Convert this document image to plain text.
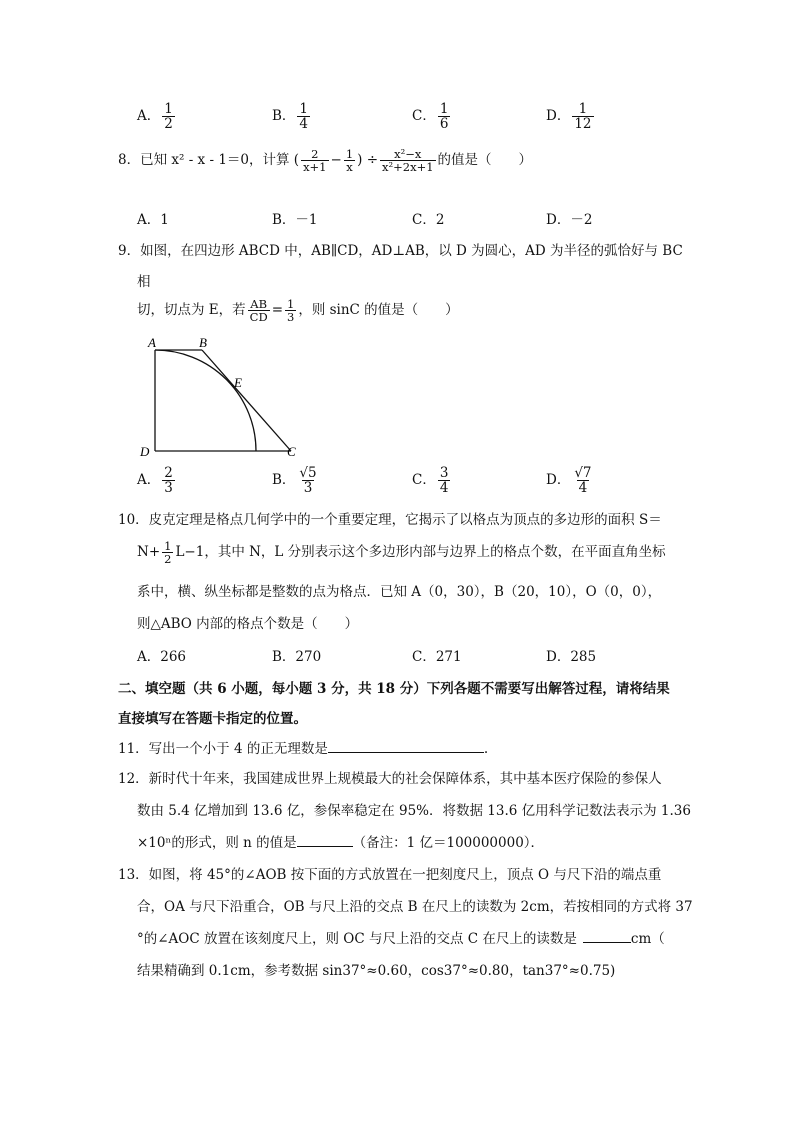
A． $\frac{1}{2}$	B． $\frac{1}{4}$	C． $\frac{1}{6}$	D． $\frac{1}{12}$
8．已知 x² - x - 1＝0，计算 ( $\frac{2}{x+1} - \frac{1}{x}$ ) ÷ $\frac{\text{x²−x}}{\text{x²+2x+1}}$ 的值是（　　）
A．1	B．－1	C．2	D．－2
9．如图，在四边形 ABCD 中，AB∥CD，AD⊥AB，以 D 为圆心，AD 为半径的弧恰好与 BC
相
切，切点为 E，若 $\frac{AB}{CD} = \frac{1}{3}$ ，则 sinC 的值是（　　）
A	B
E
D	C
A． $\frac{2}{3}$	B． $\frac{√5}{3}$	C． $\frac{3}{4}$	D． $\frac{√7}{4}$
10．皮克定理是格点几何学中的一个重要定理，它揭示了以格点为顶点的多边形的面积 S＝
$N+ \frac{1}{2} L-1$，其中 N，L 分别表示这个多边形内部与边界上的格点个数，在平面直角坐标
系中，横、纵坐标都是整数的点为格点．已知 A（0，30），B（20，10），O（0，0），
则△ABO 内部的格点个数是（　　）
A．266	B．270	C．271	D．285
二、填空题（共 6 小题，每小题 3 分，共 18 分）下列各题不需要写出解答过程，请将结果
直接填写在答题卡指定的位置。
11．写出一个小于 4 的正无理数是	.
12．新时代十年来，我国建成世界上规模最大的社会保障体系，其中基本医疗保险的参保人
数由 5.4 亿增加到 13.6 亿，参保率稳定在 95%．将数据 13.6 亿用科学记数法表示为 1.36
×10ⁿ的形式，则 n 的值是	（备注：1 亿＝100000000）．
13．如图，将 45°的∠AOB 按下面的方式放置在一把刻度尺上，顶点 O 与尺下沿的端点重
合，OA 与尺下沿重合，OB 与尺上沿的交点 B 在尺上的读数为 2cm，若按相同的方式将 37
°的∠AOC 放置在该刻度尺上，则 OC 与尺上沿的交点 C 在尺上的读数是	cm（
结果精确到 0.1cm，参考数据 sin37°≈0.60，cos37°≈0.80，tan37°≈0.75)
